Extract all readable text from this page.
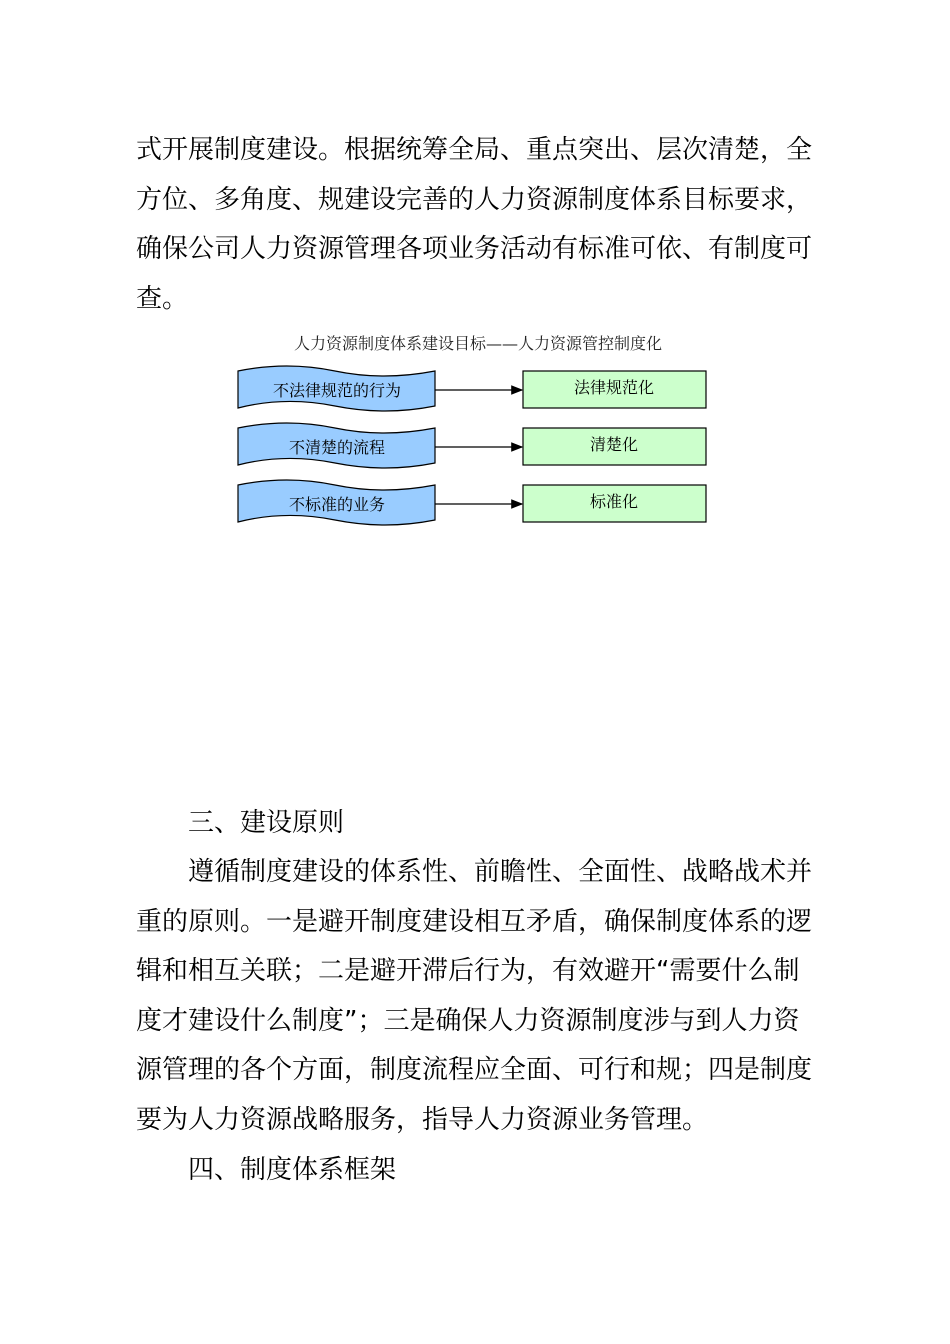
式开展制度建设。根据统筹全局、重点突出、层次清楚，全
方位、多角度、规建设完善的人力资源制度体系目标要求，
确保公司人力资源管理各项业务活动有标准可依、有制度可
查。
人力资源制度体系建设目标——人力资源管控制度化
不法律规范的行为	法律规范化
不清楚的流程	清楚化
不标准的业务	标准化
三、建设原则
遵循制度建设的体系性、前瞻性、全面性、战略战术并
重的原则。一是避开制度建设相互矛盾，确保制度体系的逻
辑和相互关联；二是避开滞后行为，有效避开“需要什么制
度才建设什么制度”；三是确保人力资源制度涉与到人力资
源管理的各个方面，制度流程应全面、可行和规；四是制度
要为人力资源战略服务，指导人力资源业务管理。
四、制度体系框架
